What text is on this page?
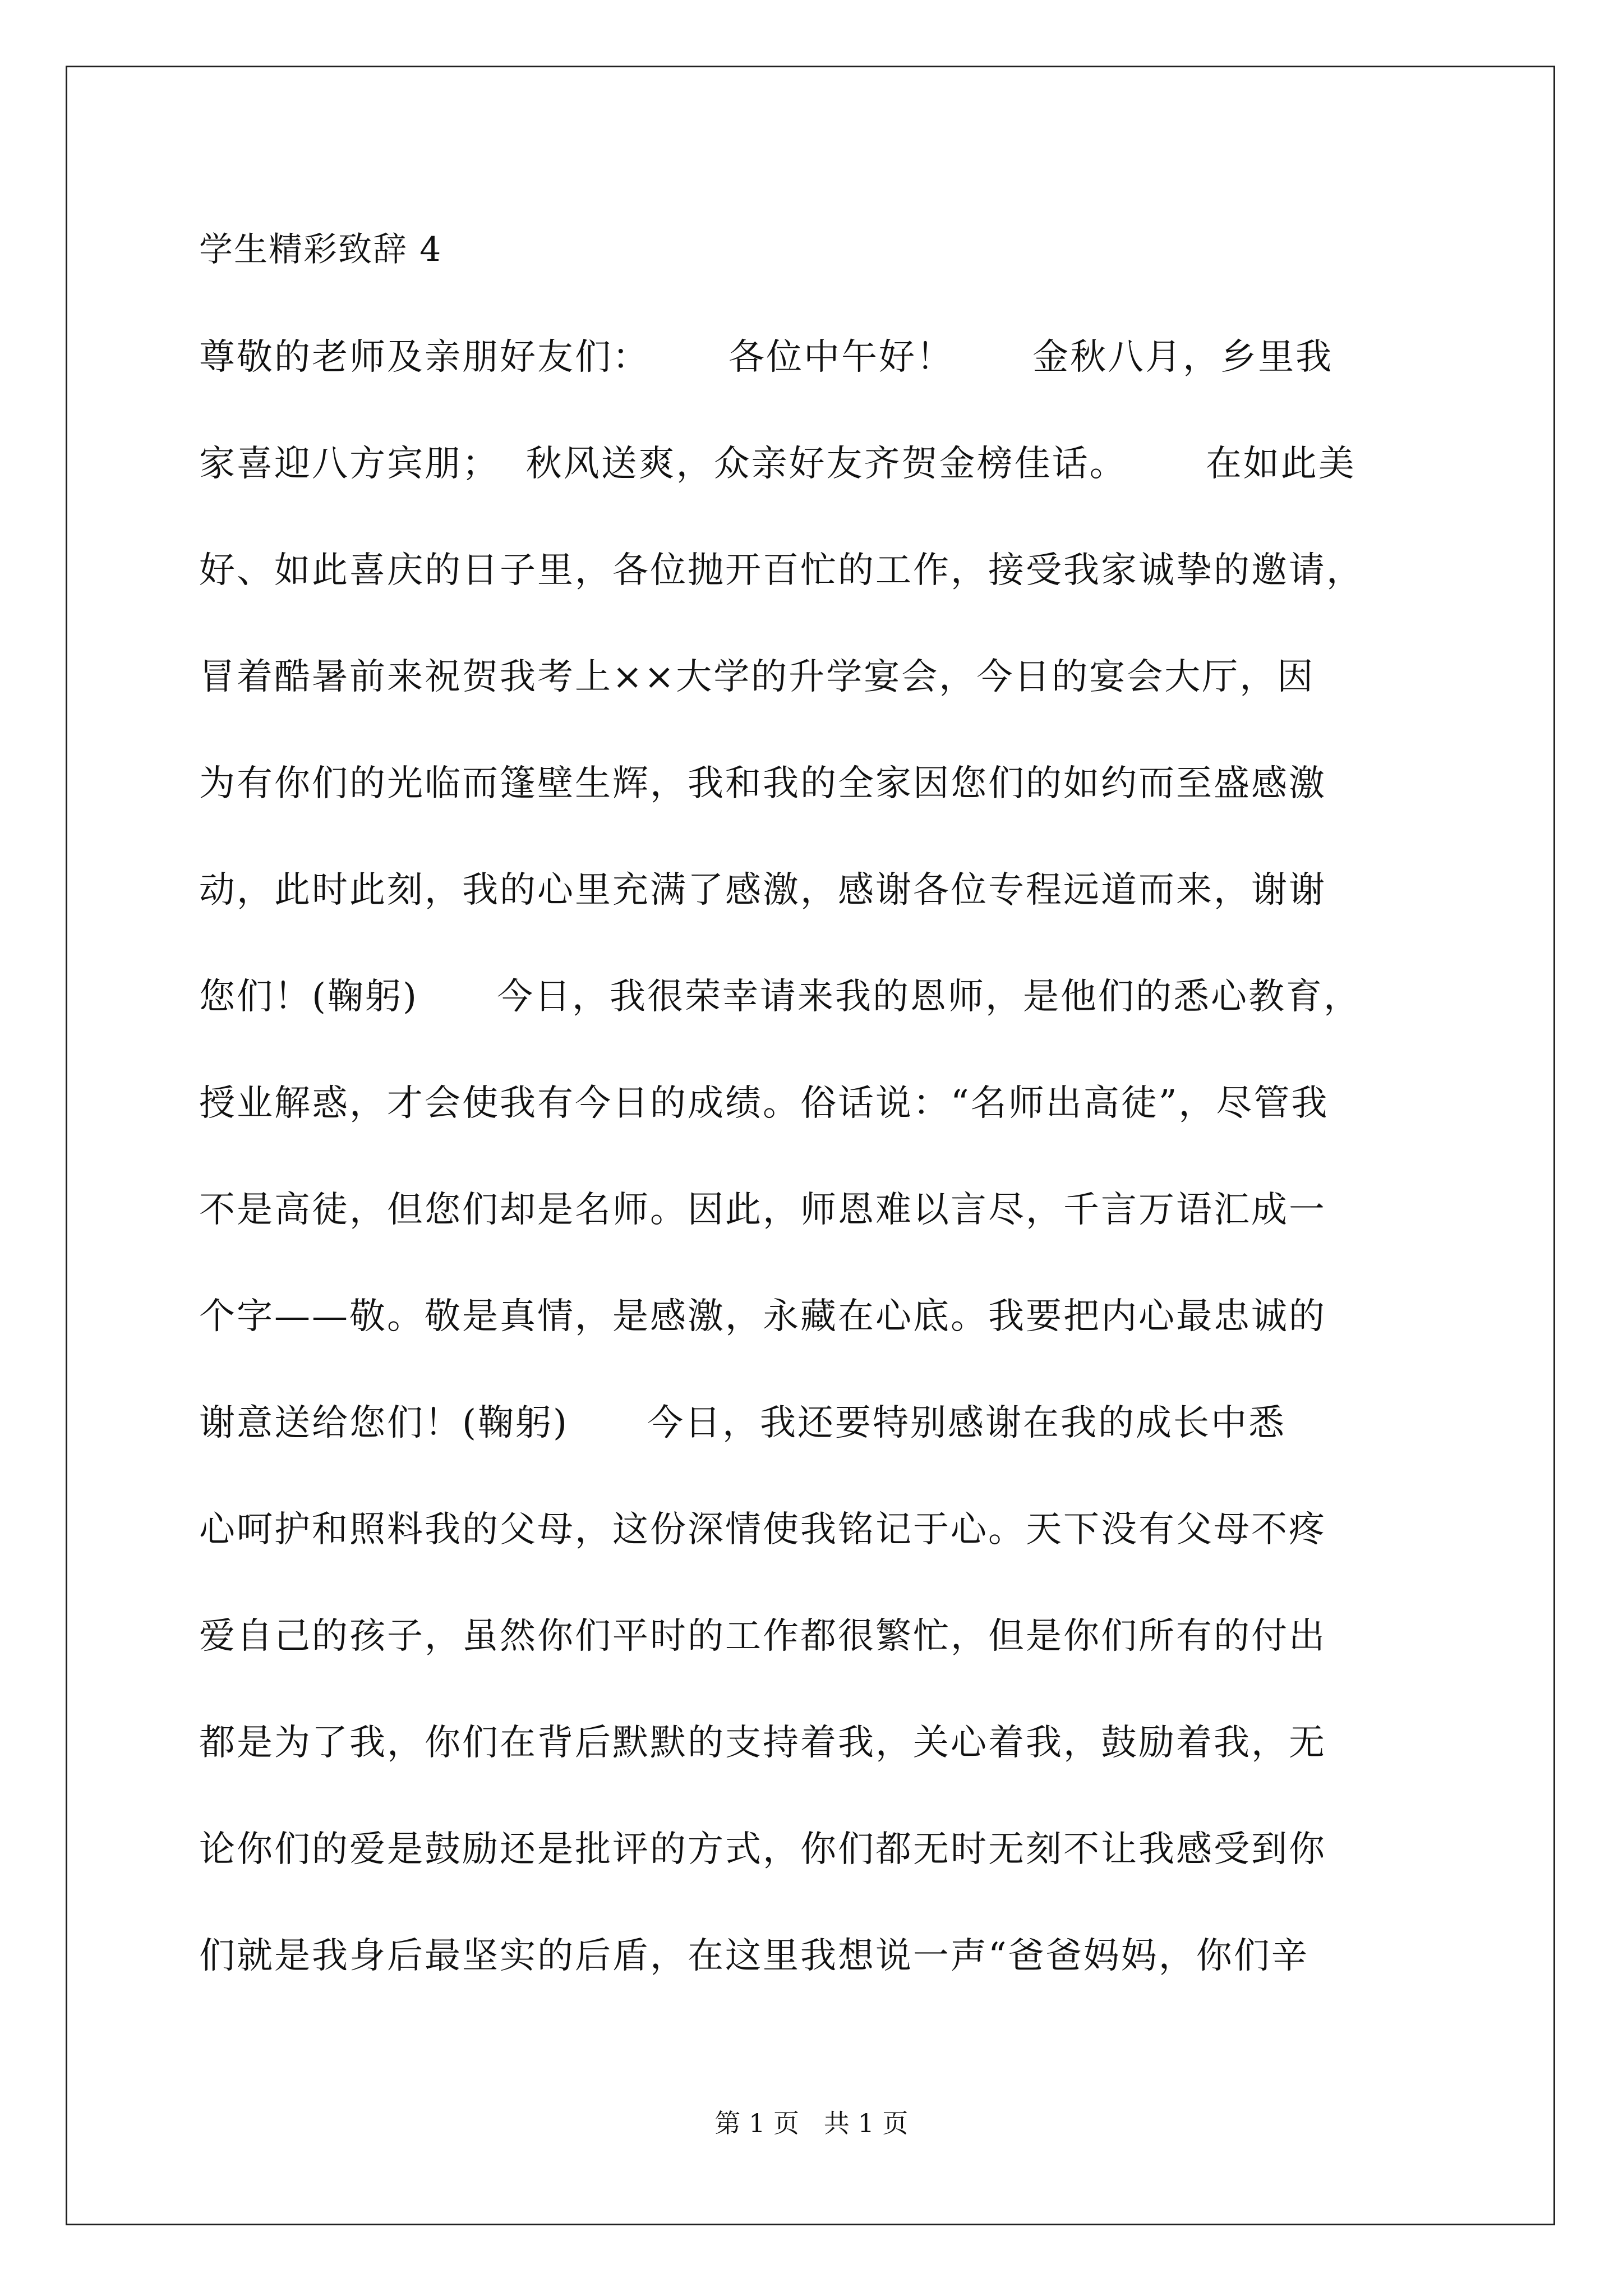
学生精彩致辞 4
尊敬的老师及亲朋好友们：      各位中午好！      金秋八月，乡里我
家喜迎八方宾朋；  秋风送爽，众亲好友齐贺金榜佳话。      在如此美
好、如此喜庆的日子里，各位抛开百忙的工作，接受我家诚挚的邀请，
冒着酷暑前来祝贺我考上××大学的升学宴会，今日的宴会大厅，因
为有你们的光临而篷壁生辉，我和我的全家因您们的如约而至盛感激
动，此时此刻，我的心里充满了感激，感谢各位专程远道而来，谢谢
您们！(鞠躬)      今日，我很荣幸请来我的恩师，是他们的悉心教育，
授业解惑，才会使我有今日的成绩。俗话说：“名师出高徒”，尽管我
不是高徒，但您们却是名师。因此，师恩难以言尽，千言万语汇成一
个字——敬。敬是真情，是感激，永藏在心底。我要把内心最忠诚的
谢意送给您们！(鞠躬)      今日，我还要特别感谢在我的成长中悉
心呵护和照料我的父母，这份深情使我铭记于心。天下没有父母不疼
爱自己的孩子，虽然你们平时的工作都很繁忙，但是你们所有的付出
都是为了我，你们在背后默默的支持着我，关心着我，鼓励着我，无
论你们的爱是鼓励还是批评的方式，你们都无时无刻不让我感受到你
们就是我身后最坚实的后盾，在这里我想说一声“爸爸妈妈，你们辛
第 1 页   共 1 页
